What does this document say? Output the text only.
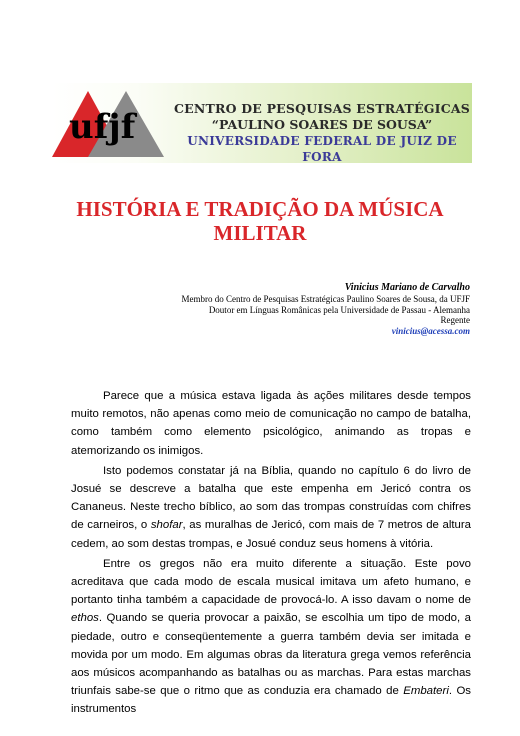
ufjf	CENTRO DE PESQUISAS ESTRATÉGICAS
“PAULINO SOARES DE SOUSA”
UNIVERSIDADE FEDERAL DE JUIZ DE FORA
HISTÓRIA E TRADIÇÃO DA MÚSICA
MILITAR
Vinicius Mariano de Carvalho
Membro do Centro de Pesquisas Estratégicas Paulino Soares de Sousa, da UFJF
Doutor em Línguas Românicas pela Universidade de Passau - Alemanha
Regente
vinicius@acessa.com

Parece que a música estava ligada às ações militares desde tempos muito remotos, não apenas como meio de comunicação no campo de batalha, como também como elemento psicológico, animando as tropas e atemorizando os inimigos.

Isto podemos constatar já na Bíblia, quando no capítulo 6 do livro de Josué se descreve a batalha que este empenha em Jericó contra os Cananeus. Neste trecho bíblico, ao som das trompas construídas com chifres de carneiros, o shofar, as muralhas de Jericó, com mais de 7 metros de altura cedem, ao som destas trompas, e Josué conduz seus homens à vitória.

Entre os gregos não era muito diferente a situação. Este povo acreditava que cada modo de escala musical imitava um afeto humano, e portanto tinha também a capacidade de provocá-lo. A isso davam o nome de ethos. Quando se queria provocar a paixão, se escolhia um tipo de modo, a piedade, outro e conseqüentemente a guerra também devia ser imitada e movida por um modo. Em algumas obras da literatura grega vemos referência aos músicos acompanhando as batalhas ou as marchas. Para estas marchas triunfais sabe-se que o ritmo que as conduzia era chamado de Embateri. Os instrumentos
